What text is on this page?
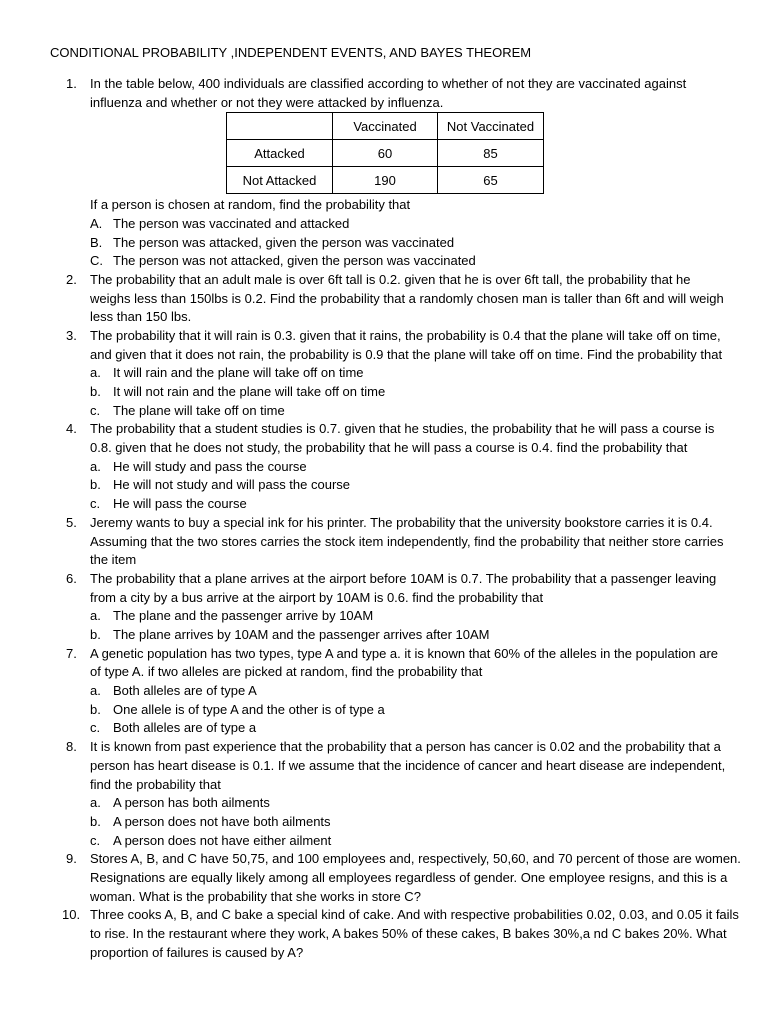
CONDITIONAL PROBABILITY ,INDEPENDENT EVENTS, AND BAYES THEOREM
1. In the table below, 400 individuals are classified according to whether of not they are vaccinated against
influenza and whether or not they were attacked by influenza.
	Vaccinated	Not Vaccinated
Attacked	60	85
Not Attacked	190	65
If a person is chosen at random, find the probability that
A. The person was vaccinated and attacked
B. The person was attacked, given the person was vaccinated
C. The person was not attacked, given the person was vaccinated
2. The probability that an adult male is over 6ft tall is 0.2. given that he is over 6ft tall, the probability that he
weighs less than 150lbs is 0.2. Find the probability that a randomly chosen man is taller than 6ft and will weigh
less than 150 lbs.
3. The probability that it will rain is 0.3. given that it rains, the probability is 0.4 that the plane will take off on time,
and given that it does not rain, the probability is 0.9 that the plane will take off on time. Find the probability that
a. It will rain and the plane will take off on time
b. It will not rain and the plane will take off on time
c. The plane will take off on time
4. The probability that a student studies is 0.7. given that he studies, the probability that he will pass a course is
0.8. given that he does not study, the probability that he will pass a course is 0.4. find the probability that
a. He will study and pass the course
b. He will not study and will pass the course
c. He will pass the course
5. Jeremy wants to buy a special ink for his printer. The probability that the university bookstore carries it is 0.4.
Assuming that the two stores carries the stock item independently, find the probability that neither store carries
the item
6. The probability that a plane arrives at the airport before 10AM is 0.7. The probability that a passenger leaving
from a city by a bus arrive at the airport by 10AM is 0.6. find the probability that
a. The plane and the passenger arrive by 10AM
b. The plane arrives by 10AM and the passenger arrives after 10AM
7. A genetic population has two types, type A and type a. it is known that 60% of the alleles in the population are
of type A. if two alleles are picked at random, find the probability that
a. Both alleles are of type A
b. One allele is of type A and the other is of type a
c. Both alleles are of type a
8. It is known from past experience that the probability that a person has cancer is 0.02 and the probability that a
person has heart disease is 0.1. If we assume that the incidence of cancer and heart disease are independent,
find the probability that
a. A person has both ailments
b. A person does not have both ailments
c. A person does not have either ailment
9. Stores A, B, and C have 50,75, and 100 employees and, respectively, 50,60, and 70 percent of those are women.
Resignations are equally likely among all employees regardless of gender. One employee resigns, and this is a
woman. What is the probability that she works in store C?
10. Three cooks A, B, and C bake a special kind of cake. And with respective probabilities 0.02, 0.03, and 0.05 it fails
to rise. In the restaurant where they work, A bakes 50% of these cakes, B bakes 30%,a nd C bakes 20%. What
proportion of failures is caused by A?
